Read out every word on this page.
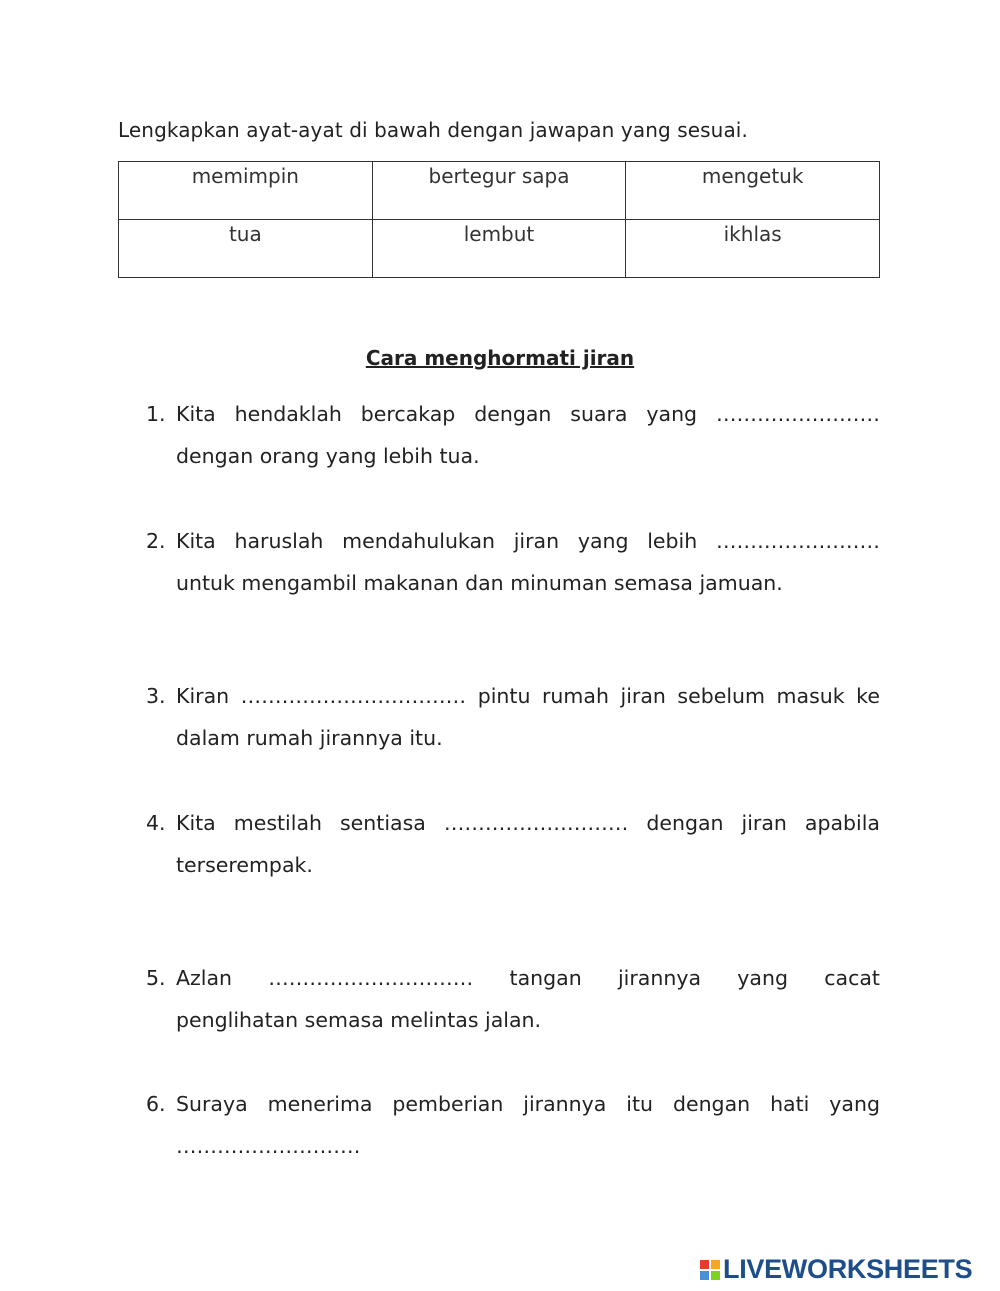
Lengkapkan ayat-ayat di bawah dengan jawapan yang sesuai.
memimpin	bertegur sapa	mengetuk
tua	lembut	ikhlas
Cara menghormati jiran
1. Kita hendaklah bercakap dengan suara yang ……………………
dengan orang yang lebih tua.
2. Kita haruslah mendahulukan jiran yang lebih ……………………
untuk mengambil makanan dan minuman semasa jamuan.
3. Kiran …………………………… pintu rumah jiran sebelum masuk ke
dalam rumah jirannya itu.
4. Kita mestilah sentiasa ……………………… dengan jiran apabila
terserempak.
5. Azlan ………………………… tangan jirannya yang cacat
penglihatan semasa melintas jalan.
6. Suraya menerima pemberian jirannya itu dengan hati yang
………………………
LIVEWORKSHEETS
